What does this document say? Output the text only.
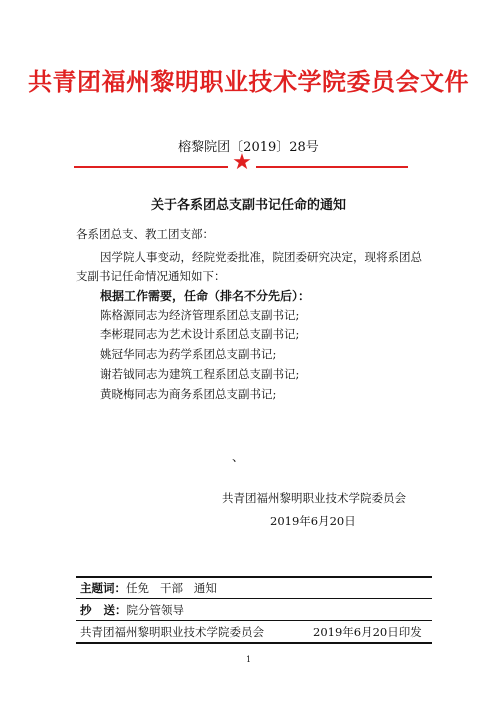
共青团福州黎明职业技术学院委员会文件
榕黎院团〔2019〕28号
★
关于各系团总支副书记任命的通知
各系团总支、教工团支部：
因学院人事变动，经院党委批准，院团委研究决定，现将系团总
支副书记任命情况通知如下：
根据工作需要，任命（排名不分先后）：
陈格源同志为经济管理系团总支副书记;
李彬琨同志为艺术设计系团总支副书记;
姚冠华同志为药学系团总支副书记;
谢若钺同志为建筑工程系团总支副书记;
黄晓梅同志为商务系团总支副书记;
、
共青团福州黎明职业技术学院委员会
2019年6月20日
主题词：任免   干部   通知
抄   送：院分管领导
共青团福州黎明职业技术学院委员会	2019年6月20日印发
1
